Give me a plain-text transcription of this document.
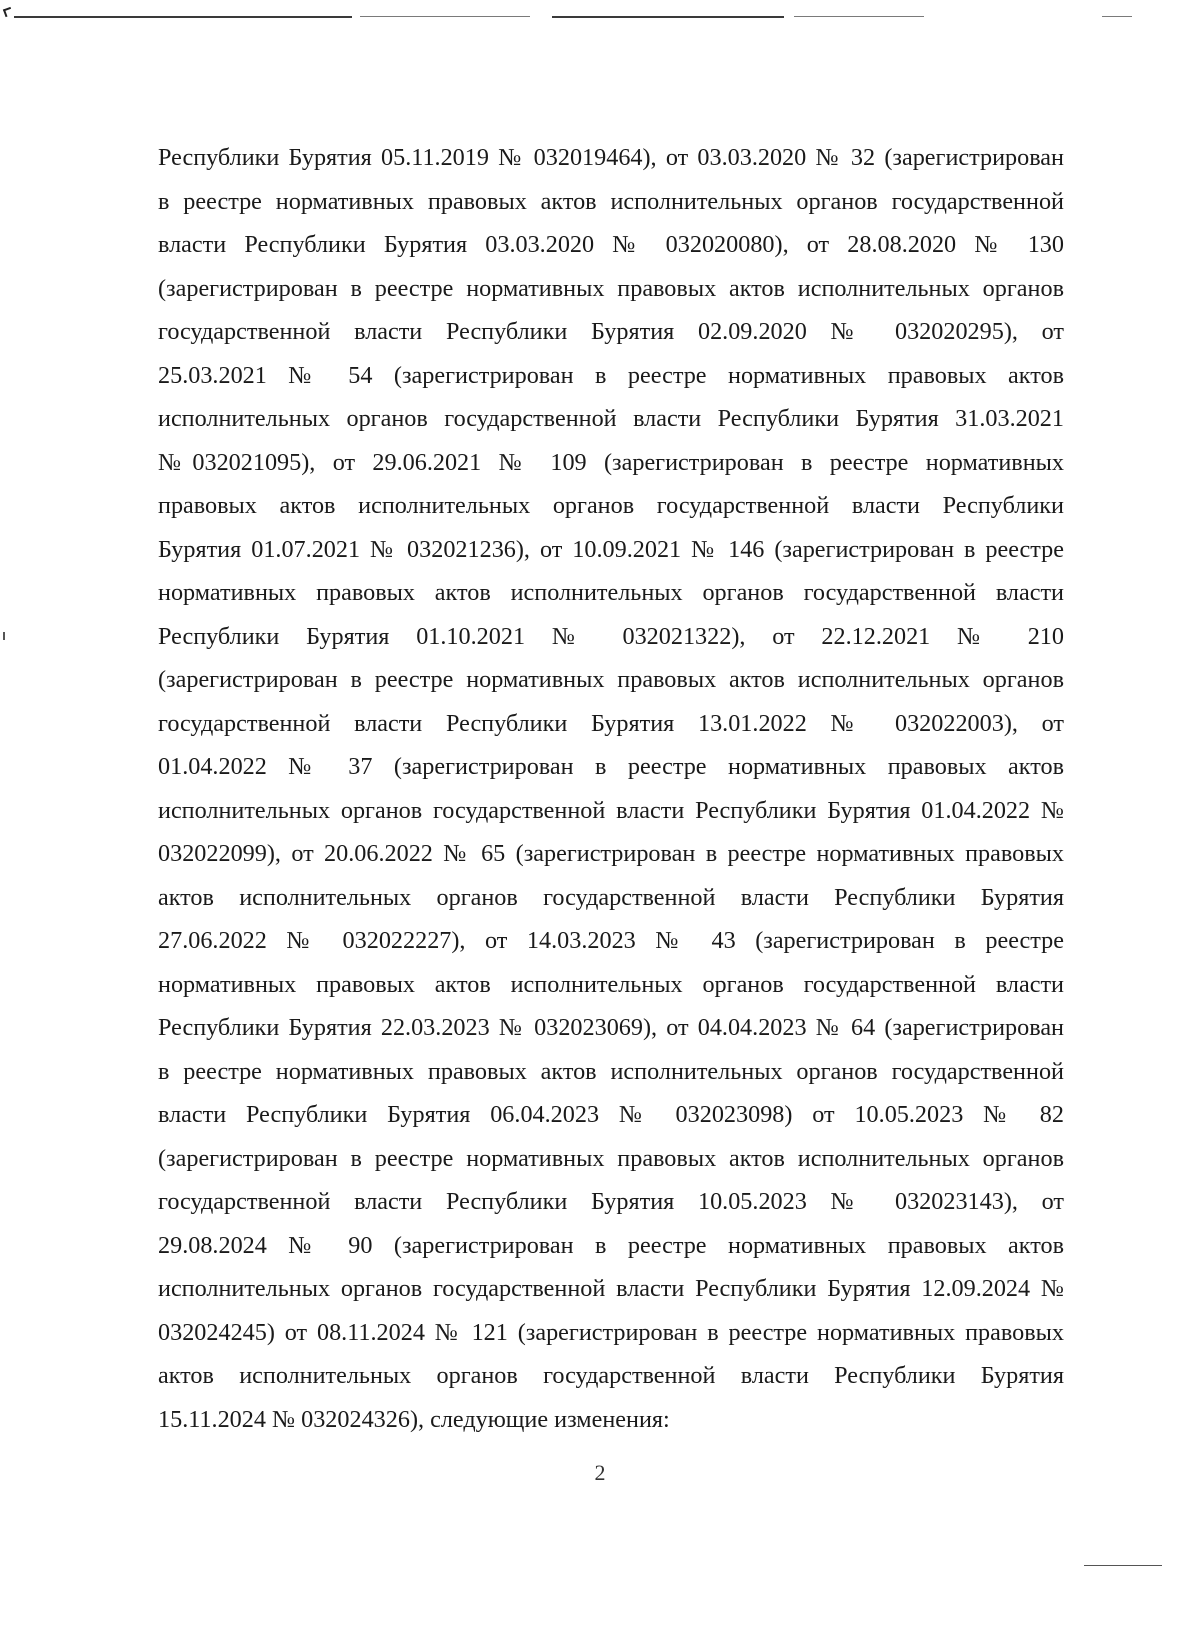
Республики Бурятия 05.11.2019 № 032019464), от 03.03.2020 № 32 (зарегистрирован
в реестре нормативных правовых актов исполнительных органов государственной
власти Республики Бурятия 03.03.2020 № 032020080), от 28.08.2020 № 130
(зарегистрирован в реестре нормативных правовых актов исполнительных органов
государственной власти Республики Бурятия 02.09.2020 № 032020295), от
25.03.2021 № 54 (зарегистрирован в реестре нормативных правовых актов
исполнительных органов государственной власти Республики Бурятия 31.03.2021
№032021095), от 29.06.2021 № 109 (зарегистрирован в реестре нормативных
правовых актов исполнительных органов государственной власти Республики
Бурятия 01.07.2021 № 032021236), от 10.09.2021 № 146 (зарегистрирован в реестре
нормативных правовых актов исполнительных органов государственной власти
Республики Бурятия 01.10.2021 № 032021322), от 22.12.2021 № 210
(зарегистрирован в реестре нормативных правовых актов исполнительных органов
государственной власти Республики Бурятия 13.01.2022 № 032022003), от
01.04.2022 № 37 (зарегистрирован в реестре нормативных правовых актов
исполнительных органов государственной власти Республики Бурятия 01.04.2022 №
032022099), от 20.06.2022 № 65 (зарегистрирован в реестре нормативных правовых
актов исполнительных органов государственной власти Республики Бурятия
27.06.2022 № 032022227), от 14.03.2023 № 43 (зарегистрирован в реестре
нормативных правовых актов исполнительных органов государственной власти
Республики Бурятия 22.03.2023 № 032023069), от 04.04.2023 № 64 (зарегистрирован
в реестре нормативных правовых актов исполнительных органов государственной
власти Республики Бурятия 06.04.2023 № 032023098) от 10.05.2023 № 82
(зарегистрирован в реестре нормативных правовых актов исполнительных органов
государственной власти Республики Бурятия 10.05.2023 № 032023143), от
29.08.2024 № 90 (зарегистрирован в реестре нормативных правовых актов
исполнительных органов государственной власти Республики Бурятия 12.09.2024 №
032024245) от 08.11.2024 № 121 (зарегистрирован в реестре нормативных правовых
актов исполнительных органов государственной власти Республики Бурятия
15.11.2024 № 032024326), следующие изменения:
2
